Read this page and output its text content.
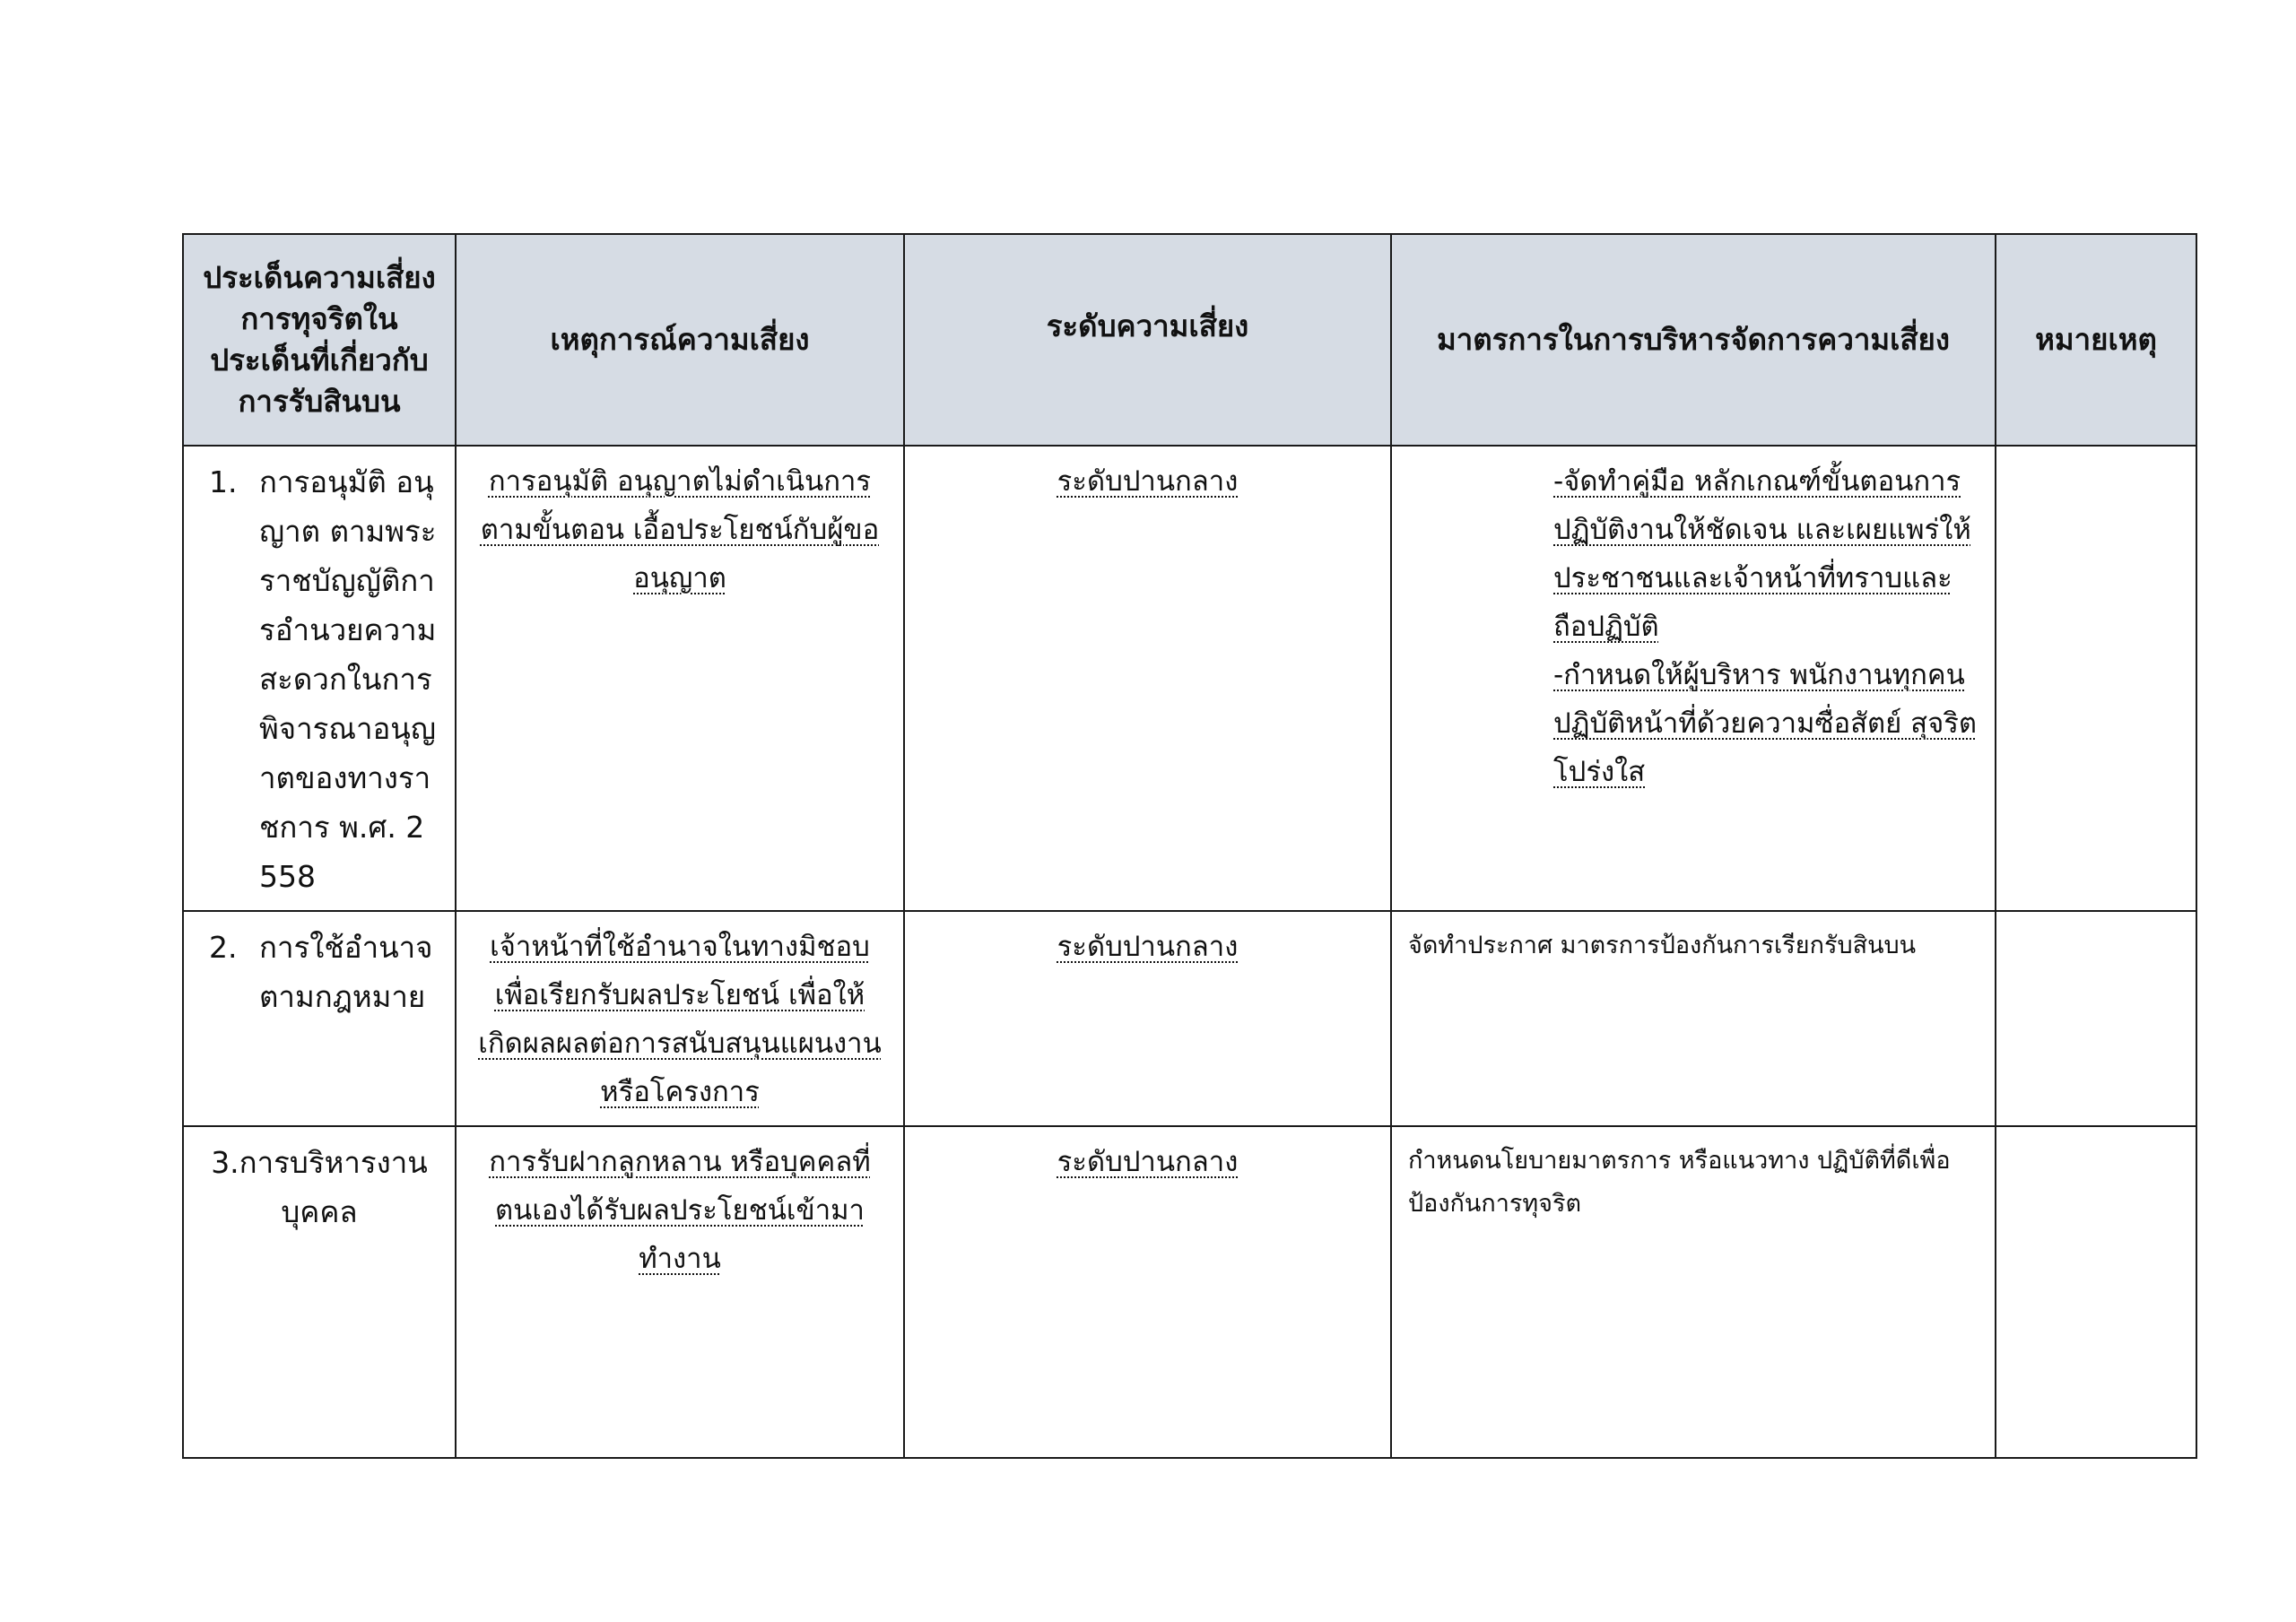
ประเด็นความเสี่ยงการทุจริตในประเด็นที่เกี่ยวกับการรับสินบน	เหตุการณ์ความเสี่ยง	ระดับความเสี่ยง	มาตรการในการบริหารจัดการความเสี่ยง	หมายเหตุ

1. การอนุมัติ อนุญาต ตามพระราชบัญญัติการอำนวยความสะดวกในการพิจารณาอนุญาตของทางราชการ พ.ศ. 2558	การอนุมัติ อนุญาตไม่ดำเนินการตามขั้นตอน เอื้อประโยชน์กับผู้ขออนุญาต	ระดับปานกลาง	-จัดทำคู่มือ หลักเกณฑ์ขั้นตอนการปฏิบัติงานให้ชัดเจน และเผยแพร่ให้ประชาชนและเจ้าหน้าที่ทราบและถือปฏิบัติ
-กำหนดให้ผู้บริหาร พนักงานทุกคนปฏิบัติหน้าที่ด้วยความซื่อสัตย์ สุจริต โปร่งใส	

2. การใช้อำนาจตามกฎหมาย	เจ้าหน้าที่ใช้อำนาจในทางมิชอบ เพื่อเรียกรับผลประโยชน์ เพื่อให้เกิดผลผลต่อการสนับสนุนแผนงาน หรือโครงการ	ระดับปานกลาง	จัดทำประกาศ มาตรการป้องกันการเรียกรับสินบน	
3.การบริหารงานบุคคล	การรับฝากลูกหลาน หรือบุคคลที่ตนเองได้รับผลประโยชน์เข้ามาทำงาน	ระดับปานกลาง	กำหนดนโยบายมาตรการ หรือแนวทาง ปฏิบัติที่ดีเพื่อป้องกันการทุจริต	
